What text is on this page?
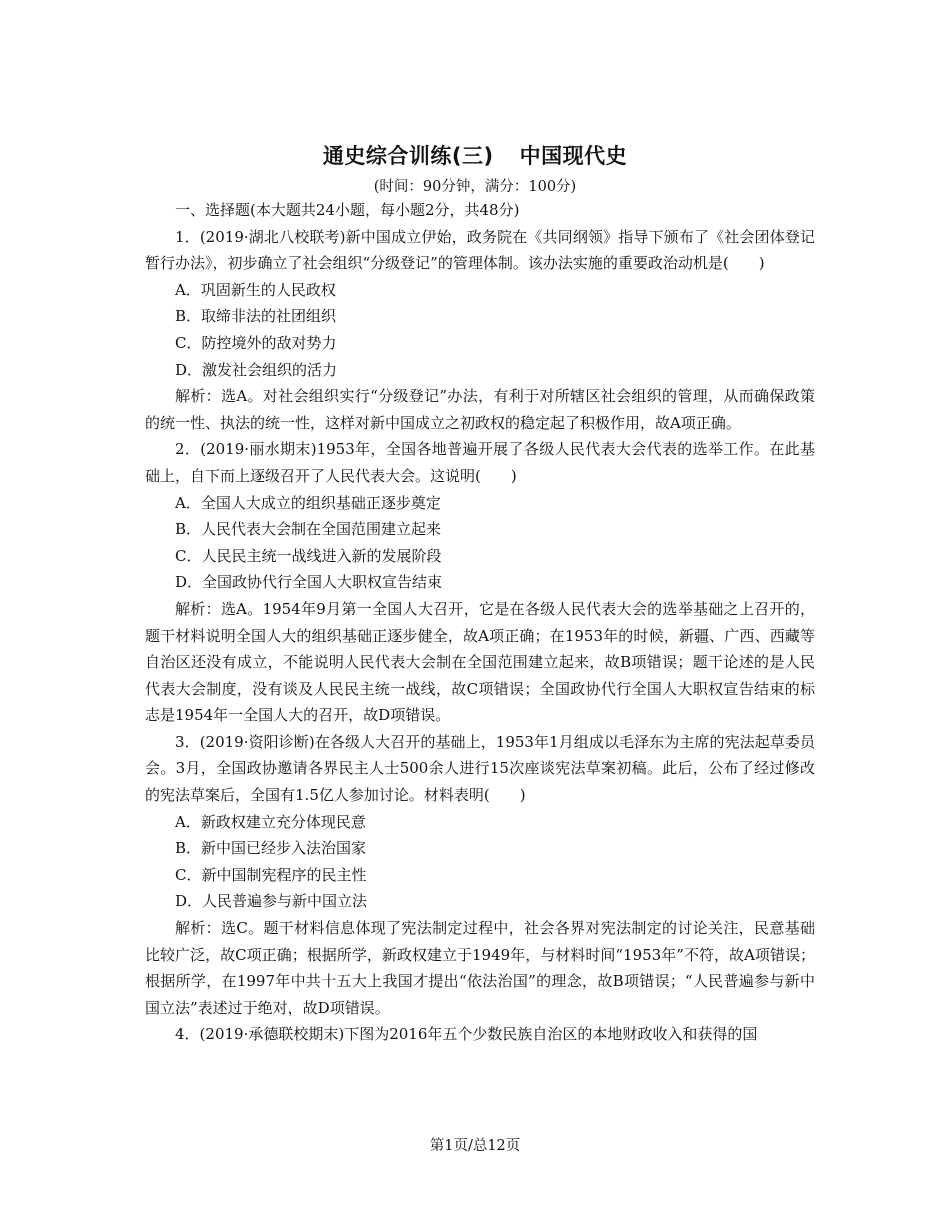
通史综合训练(三) 中国现代史
(时间：90分钟，满分：100分)

一、选择题(本大题共24小题，每小题2分，共48分)

1．(2019·湖北八校联考)新中国成立伊始，政务院在《共同纲领》指导下颁布了《社会团体登记暂行办法》，初步确立了社会组织“分级登记”的管理体制。该办法实施的重要政治动机是(　　)

A．巩固新生的人民政权

B．取缔非法的社团组织

C．防控境外的敌对势力

D．激发社会组织的活力

解析：选A。对社会组织实行“分级登记”办法，有利于对所辖区社会组织的管理，从而确保政策的统一性、执法的统一性，这样对新中国成立之初政权的稳定起了积极作用，故A项正确。

2．(2019·丽水期末)1953年，全国各地普遍开展了各级人民代表大会代表的选举工作。在此基础上，自下而上逐级召开了人民代表大会。这说明(　　)

A．全国人大成立的组织基础正逐步奠定

B．人民代表大会制在全国范围建立起来

C．人民民主统一战线进入新的发展阶段

D．全国政协代行全国人大职权宣告结束

解析：选A。1954年9月第一全国人大召开，它是在各级人民代表大会的选举基础之上召开的，题干材料说明全国人大的组织基础正逐步健全，故A项正确；在1953年的时候，新疆、广西、西藏等自治区还没有成立，不能说明人民代表大会制在全国范围建立起来，故B项错误；题干论述的是人民代表大会制度，没有谈及人民民主统一战线，故C项错误；全国政协代行全国人大职权宣告结束的标志是1954年一全国人大的召开，故D项错误。

3．(2019·资阳诊断)在各级人大召开的基础上，1953年1月组成以毛泽东为主席的宪法起草委员会。3月，全国政协邀请各界民主人士500余人进行15次座谈宪法草案初稿。此后，公布了经过修改的宪法草案后，全国有1.5亿人参加讨论。材料表明(　　)

A．新政权建立充分体现民意

B．新中国已经步入法治国家

C．新中国制宪程序的民主性

D．人民普遍参与新中国立法

解析：选C。题干材料信息体现了宪法制定过程中，社会各界对宪法制定的讨论关注，民意基础比较广泛，故C项正确；根据所学，新政权建立于1949年，与材料时间“1953年”不符，故A项错误；根据所学，在1997年中共十五大上我国才提出“依法治国”的理念，故B项错误；“人民普遍参与新中国立法”表述过于绝对，故D项错误。

4．(2019·承德联校期末)下图为2016年五个少数民族自治区的本地财政收入和获得的国

第1页/总12页
